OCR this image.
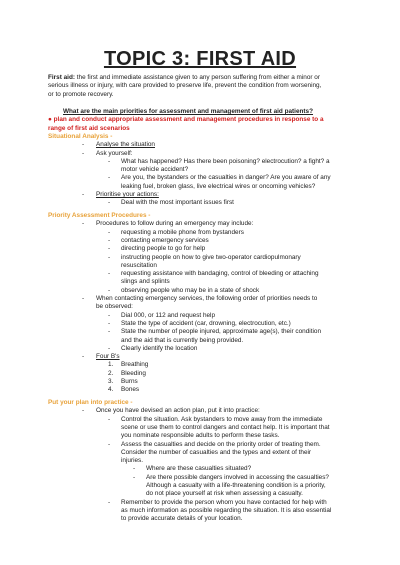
TOPIC 3: FIRST AID
First aid: the first and immediate assistance given to any person suffering from either a minor or
serious illness or injury, with care provided to preserve life, prevent the condition from worsening,
or to promote recovery.
What are the main priorities for assessment and management of first aid patients?
● plan and conduct appropriate assessment and management procedures in response to a
range of first aid scenarios
Situational Analysis -
- Analyse the situation
- Ask yourself:
- What has happened? Has there been poisoning? electrocution? a fight? a
motor vehicle accident?
- Are you, the bystanders or the casualties in danger? Are you aware of any
leaking fuel, broken glass, live electrical wires or oncoming vehicles?
- Prioritise your actions:
- Deal with the most important issues first
Priority Assessment Procedures -
- Procedures to follow during an emergency may include:
- requesting a mobile phone from bystanders
- contacting emergency services
- directing people to go for help
- instructing people on how to give two-operator cardiopulmonary
resuscitation
- requesting assistance with bandaging, control of bleeding or attaching
slings and splints
- observing people who may be in a state of shock
- When contacting emergency services, the following order of priorities needs to
be observed:
- Dial 000, or 112 and request help
- State the type of accident (car, drowning, electrocution, etc.)
- State the number of people injured, approximate age(s), their condition
and the aid that is currently being provided.
- Clearly identify the location
- Four B's
1. Breathing
2. Bleeding
3. Burns
4. Bones
Put your plan into practice -
- Once you have devised an action plan, put it into practice:
- Control the situation. Ask bystanders to move away from the immediate
scene or use them to control dangers and contact help. It is important that
you nominate responsible adults to perform these tasks.
- Assess the casualties and decide on the priority order of treating them.
Consider the number of casualties and the types and extent of their
injuries.
- Where are these casualties situated?
- Are there possible dangers involved in accessing the casualties?
Although a casualty with a life-threatening condition is a priority,
do not place yourself at risk when assessing a casualty.
- Remember to provide the person whom you have contacted for help with
as much information as possible regarding the situation. It is also essential
to provide accurate details of your location.
